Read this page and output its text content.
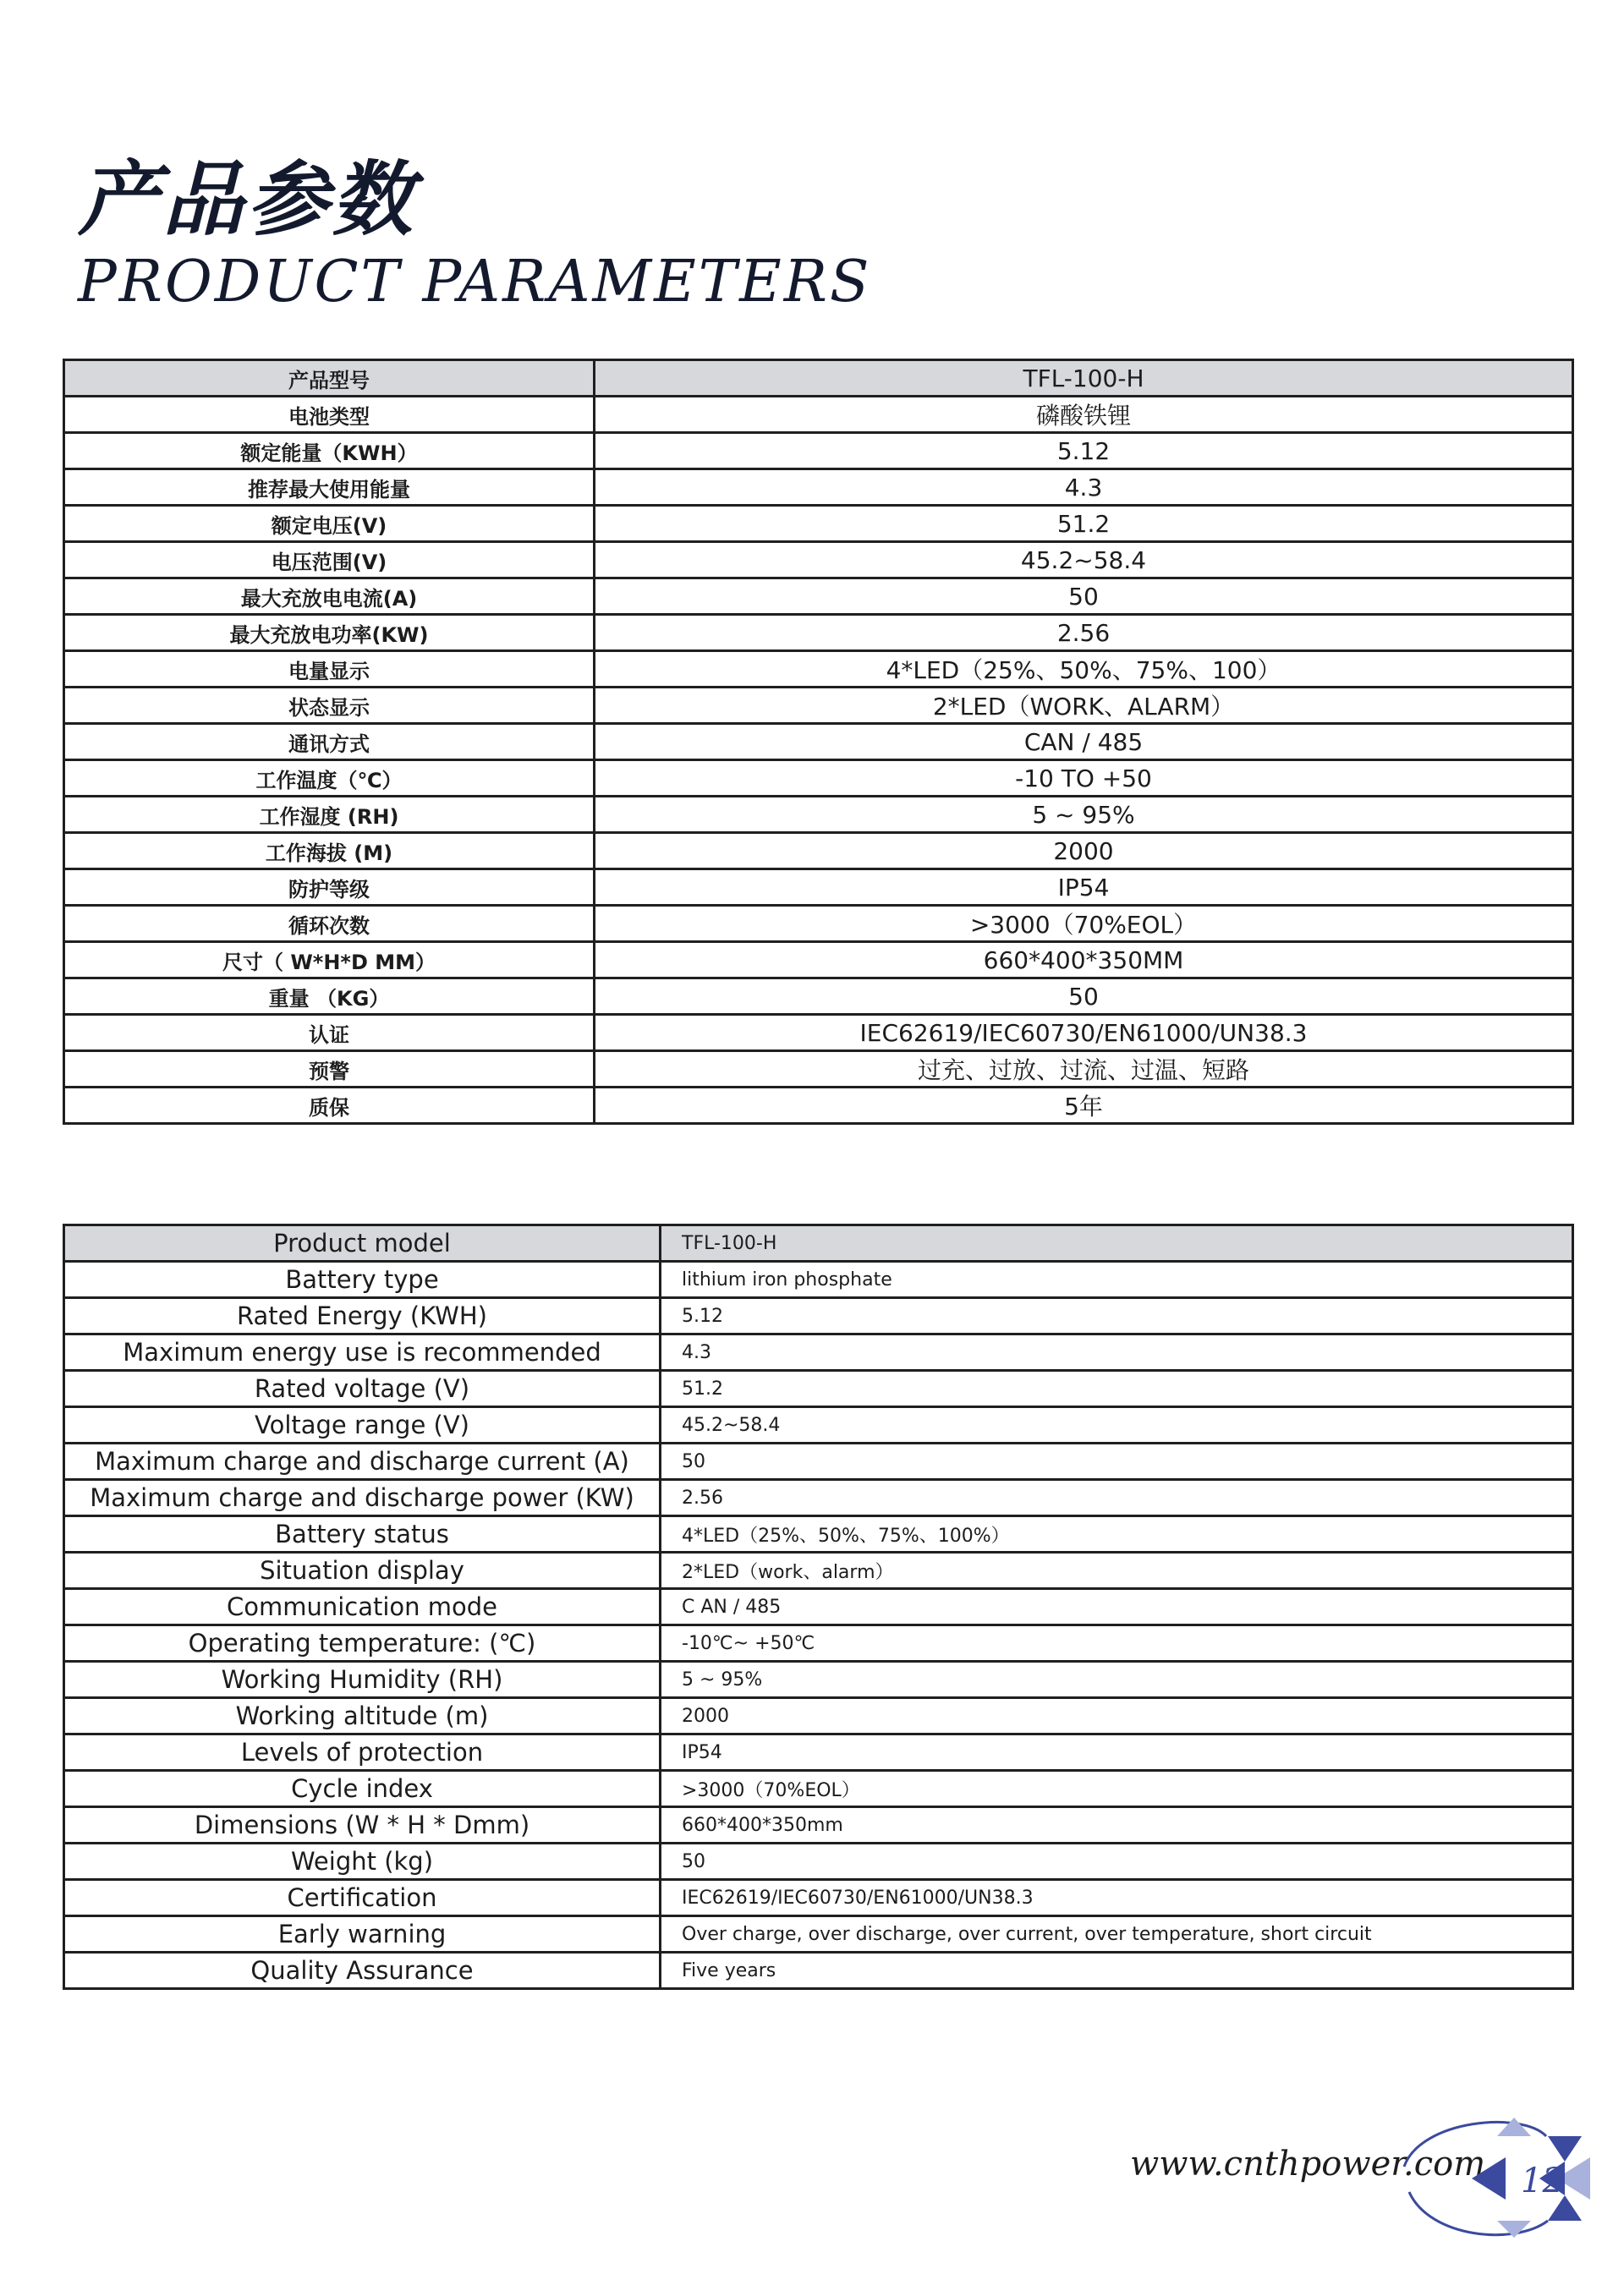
产品参数
PRODUCT PARAMETERS
产品型号	TFL-100-H
电池类型	磷酸铁锂
额定能量（KWH）	5.12
推荐最大使用能量	4.3
额定电压(V)	51.2
电压范围(V)	45.2~58.4
最大充放电电流(A)	50
最大充放电功率(KW)	2.56
电量显示	4*LED（25%、50%、75%、100）
状态显示	2*LED（WORK、ALARM）
通讯方式	CAN / 485
工作温度（℃）	-10 TO +50
工作湿度 (RH)	5 ~ 95%
工作海拔 (M)	2000
防护等级	IP54
循环次数	>3000（70%EOL）
尺寸（ W*H*D MM）	660*400*350MM
重量 （KG）	50
认证	IEC62619/IEC60730/EN61000/UN38.3
预警	过充、过放、过流、过温、短路
质保	5年
Product model	TFL-100-H
Battery type	lithium iron phosphate
Rated Energy (KWH)	5.12
Maximum energy use is recommended	4.3
Rated voltage (V)	51.2
Voltage range (V)	45.2~58.4
Maximum charge and discharge current (A)	50
Maximum charge and discharge power (KW)	2.56
Battery status	4*LED（25%、50%、75%、100%）
Situation display	2*LED（work、alarm）
Communication mode	C AN / 485
Operating temperature: (℃)	-10℃~ +50℃
Working Humidity (RH)	5 ~ 95%
Working altitude (m)	2000
Levels of protection	IP54
Cycle index	>3000（70%EOL）
Dimensions (W * H * Dmm)	660*400*350mm
Weight (kg)	50
Certification	IEC62619/IEC60730/EN61000/UN38.3
Early warning	Over charge, over discharge, over current, over temperature, short circuit
Quality Assurance	Five years
www.cnthpower.com 12
